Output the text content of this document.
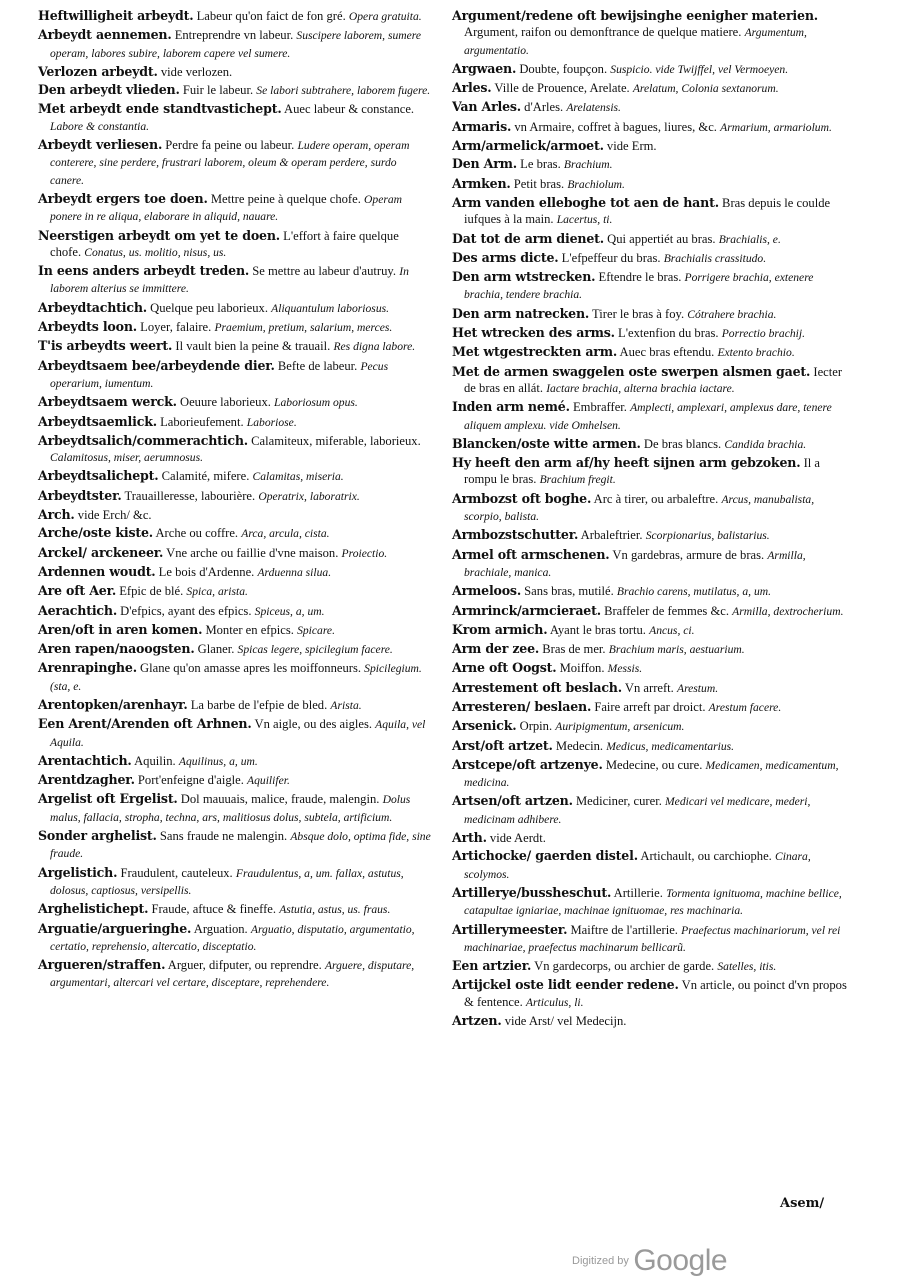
Heftwilligheit arbeydt. Labeur qu'on faict de fon gré. Opera gratuita.

Arbeydt aennemen. Entreprendre vn labeur. Suscipere laborem, sumere operam, labores subire, laborem capere vel sumere.

Verlozen arbeydt. vide verlozen.

Den arbeydt vlieden. Fuir le labeur. Se labori subtrahere, laborem fugere.

Met arbeydt ende standtvastichept. Auec labeur & constance. Labore & constantia.

Arbeydt verliesen. Perdre fa peine ou labeur. Ludere operam, operam conterere, sine perdere, frustrari laborem, oleum & operam perdere, surdo canere.

Arbeydt ergers toe doen. Mettre peine à quelque chofe. Operam ponere in re aliqua, elaborare in aliquid, nauare.

Neerstigen arbeydt om yet te doen. L'effort à faire quelque chofe. Conatus, us. molitio, nisus, us.

In eens anders arbeydt treden. Se mettre au labeur d'autruy. In laborem alterius se immittere.

Arbeydtachtich. Quelque peu laborieux. Aliquantulum laboriosus.

Arbeydts loon. Loyer, falaire. Praemium, pretium, salarium, merces.

T'is arbeydts weert. Il vault bien la peine & trauail. Res digna labore.

Arbeydtsaem bee/arbeydende dier. Befte de labeur. Pecus operarium, iumentum.

Arbeydtsaem werck. Oeuure laborieux. Laboriosum opus.

Arbeydtsaemlick. Laborieufement. Laboriose.

Arbeydtsalich/commerachtich. Calamiteux, miferable, laborieux. Calamitosus, miser, aerumnosus.

Arbeydtsalichept. Calamité, mifere. Calamitas, miseria.

Arbeydtster. Trauailleresse, labourière. Operatrix, laboratrix.

Arch. vide Erch/ &c.

Arche/oste kiste. Arche ou coffre. Arca, arcula, cista.

Arckel/ arckeneer. Vne arche ou faillie d'vne maison. Proiectio.

Ardennen woudt. Le bois d'Ardenne. Arduenna silua.

Are oft Aer. Efpic de blé. Spica, arista.

Aerachtich. D'efpics, ayant des efpics. Spiceus, a, um.

Aren/oft in aren komen. Monter en efpics. Spicare.

Aren rapen/naoogsten. Glaner. Spicas legere, spicilegium facere.

Arenrapinghe. Glane qu'on amasse apres les moiffonneurs. Spicilegium. (sta, e.

Arentopken/arenhayr. La barbe de l'efpie de bled. Arista.

Een Arent/Arenden oft Arhnen. Vn aigle, ou des aigles. Aquila, vel Aquila.

Arentachtich. Aquilin. Aquilinus, a, um.

Arentdzagher. Port'enfeigne d'aigle. Aquilifer.

Argelist oft Ergelist. Dol mauuais, malice, fraude, malengin. Dolus malus, fallacia, stropha, techna, ars, malitiosus dolus, subtela, artificium.

Sonder arghelist. Sans fraude ne malengin. Absque dolo, optima fide, sine fraude.

Argelistich. Fraudulent, cauteleux. Fraudulentus, a, um. fallax, astutus, dolosus, captiosus, versipellis.

Arghelistichept. Fraude, aftuce & fineffe. Astutia, astus, us. fraus.

Arguatie/argueringhe. Arguation. Arguatio, disputatio, argumentatio, certatio, reprehensio, altercatio, disceptatio.

Argueren/straffen. Arguer, difputer, ou reprendre. Arguere, disputare, argumentari, altercari vel certare, disceptare, reprehendere.

Argument/redene oft bewijsinghe eenigher materien. Argument, raifon ou demonftrance de quelque matiere. Argumentum, argumentatio.

Argwaen. Doubte, foupçon. Suspicio. vide Twijffel, vel Vermoeyen.

Arles. Ville de Prouence, Arelate. Arelatum, Colonia sextanorum.

Van Arles. d'Arles. Arelatensis.

Armaris. vn Armaire, coffret à bagues, liures, &c. Armarium, armariolum.

Arm/armelick/armoet. vide Erm.

Den Arm. Le bras. Brachium.

Armken. Petit bras. Brachiolum.

Arm vanden elleboghe tot aen de hant. Bras depuis le coulde iufques à la main. Lacertus, ti.

Dat tot de arm dienet. Qui appertiét au bras. Brachialis, e.

Des arms dicte. L'efpeffeur du bras. Brachialis crassitudo.

Den arm wtstrecken. Eftendre le bras. Porrigere brachia, extenere brachia, tendere brachia.

Den arm natrecken. Tirer le bras à foy. Cótrahere brachia.

Het wtrecken des arms. L'extenfion du bras. Porrectio brachij.

Met wtgestreckten arm. Auec bras eftendu. Extento brachio.

Met de armen swaggelen oste swerpen alsmen gaet. Iecter de bras en allát. Iactare brachia, alterna brachia iactare.

Inden arm nemé. Embraffer. Amplecti, amplexari, amplexus dare, tenere aliquem amplexu. vide Omhelsen.

Blancken/oste witte armen. De bras blancs. Candida brachia.

Hy heeft den arm af/hy heeft sijnen arm gebzoken. Il a rompu le bras. Brachium fregit.

Armbozst oft boghe. Arc à tirer, ou arbaleftre. Arcus, manubalista, scorpio, balista.

Armbozstschutter. Arbaleftrier. Scorpionarius, balistarius.

Armel oft armschenen. Vn gardebras, armure de bras. Armilla, brachiale, manica.

Armeloos. Sans bras, mutilé. Brachio carens, mutilatus, a, um.

Armrinck/armcieraet. Braffeler de femmes &c. Armilla, dextrocherium.

Krom armich. Ayant le bras tortu. Ancus, ci.

Arm der zee. Bras de mer. Brachium maris, aestuarium.

Arne oft Oogst. Moiffon. Messis.

Arrestement oft beslach. Vn arreft. Arestum.

Arresteren/ beslaen. Faire arreft par droict. Arestum facere.

Arsenick. Orpin. Auripigmentum, arsenicum.

Arst/oft artzet. Medecin. Medicus, medicamentarius.

Arstcepe/oft artzenye. Medecine, ou cure. Medicamen, medicamentum, medicina.

Artsen/oft artzen. Mediciner, curer. Medicari vel medicare, mederi, medicinam adhibere.

Arth. vide Aerdt.

Artichocke/ gaerden distel. Artichault, ou carchiophe. Cinara, scolymos.

Artillerye/bussheschut. Artillerie. Tormenta ignituoma, machine bellice, catapultae igniariae, machinae ignituomae, res machinaria.

Artillerymeester. Maiftre de l'artillerie. Praefectus machinariorum, vel rei machinariae, praefectus machinarum bellicarũ.

Een artzier. Vn gardecorps, ou archier de garde. Satelles, itis.

Artijckel oste lidt eender redene. Vn article, ou poinct d'vn propos & fentence. Articulus, li.

Artzen. vide Arst/ vel Medecijn.

Asem/
Digitized by Google
